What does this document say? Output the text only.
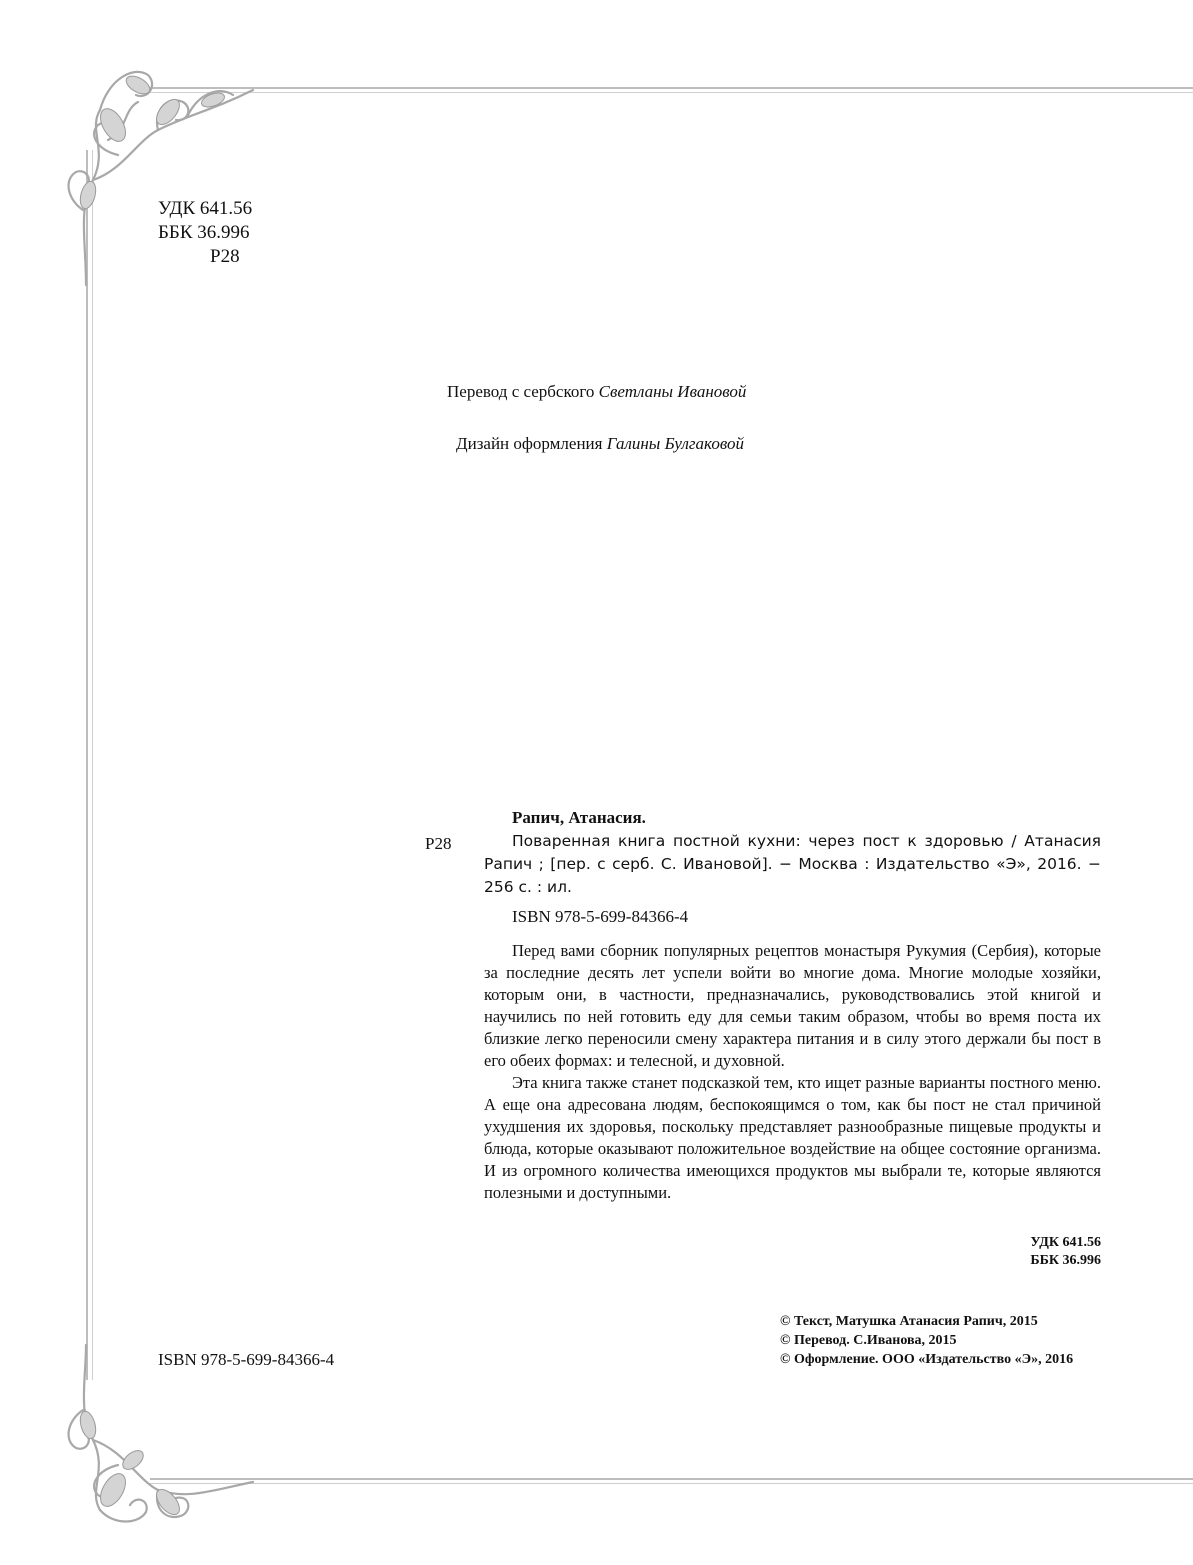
УДК 641.56
ББК 36.996
Р28
Перевод с сербского Светланы Ивановой
Дизайн оформления Галины Булгаковой
Рапич, Атанасия.
Р28	Поваренная книга постной кухни: через пост к здоровью / Атанасия Рапич ; [пер. с серб. С. Ивановой]. − Москва : Издательство «Э», 2016. − 256 с. : ил.
ISBN 978-5-699-84366-4

Перед вами сборник популярных рецептов монастыря Рукумия (Сербия), которые за последние десять лет успели войти во многие дома. Многие молодые хозяйки, которым они, в частности, предназначались, руководствовались этой книгой и научились по ней готовить еду для семьи таким образом, чтобы во время поста их близкие легко переносили смену характера питания и в силу этого держали бы пост в его обеих формах: и телесной, и духовной.

Эта книга также станет подсказкой тем, кто ищет разные варианты постного меню. А еще она адресована людям, беспокоящимся о том, как бы пост не стал причиной ухудшения их здоровья, поскольку представляет разнообразные пищевые продукты и блюда, которые оказывают положительное воздействие на общее состояние организма. И из огромного количества имеющихся продуктов мы выбрали те, которые являются полезными и доступными.

УДК 641.56
ББК 36.996
© Текст, Матушка Атанасия Рапич, 2015
© Перевод. С.Иванова, 2015
© Оформление. ООО «Издательство «Э», 2016
ISBN 978-5-699-84366-4
